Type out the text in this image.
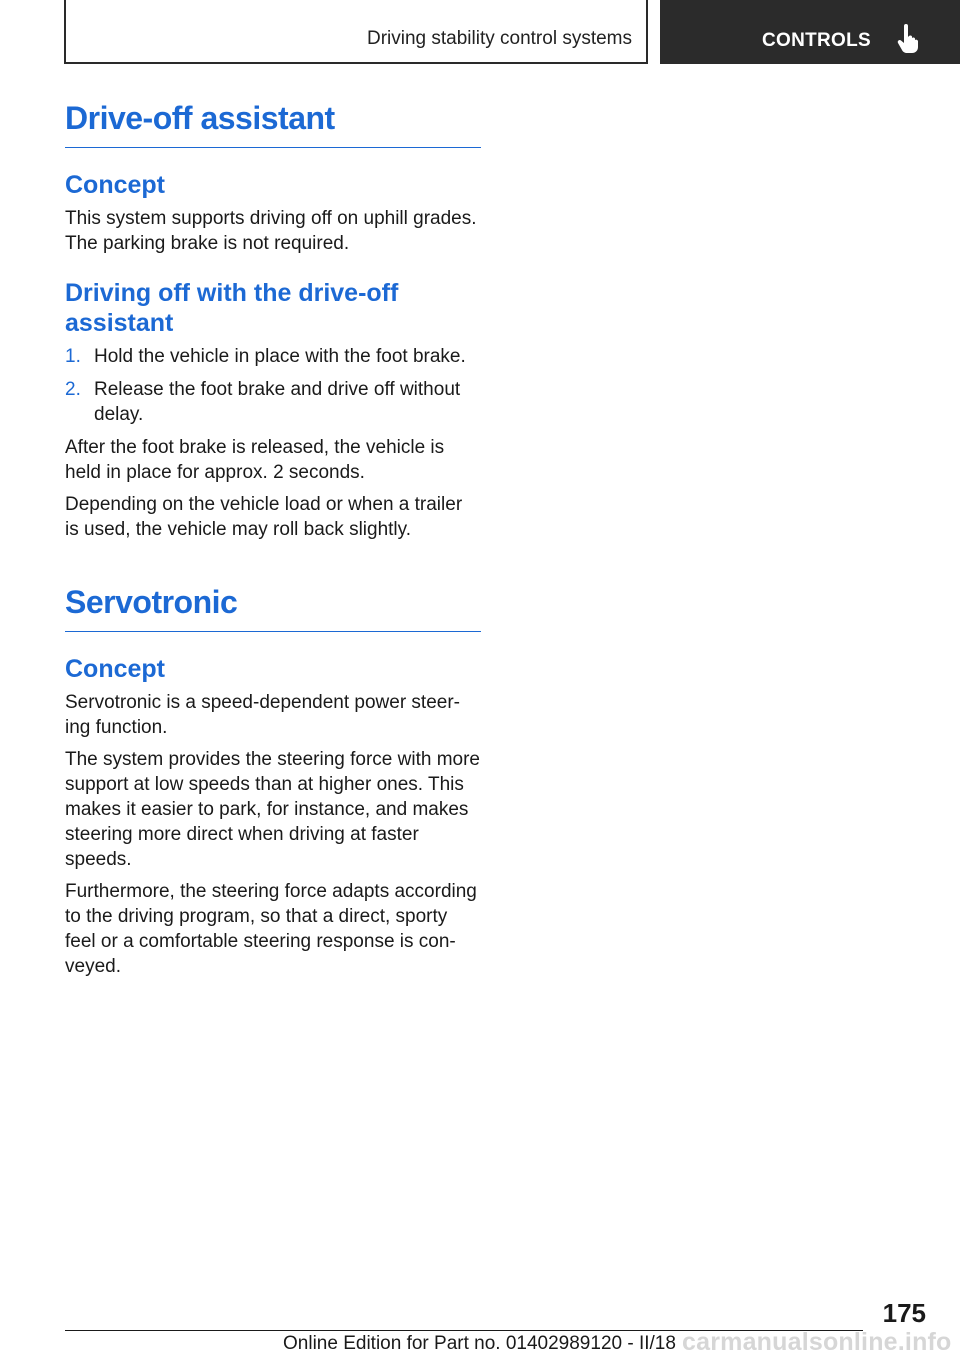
Driving stability control systems	CONTROLS
Drive-off assistant
Concept

This system supports driving off on uphill grades. The parking brake is not required.

Driving off with the drive-off assistant
1. Hold the vehicle in place with the foot brake.
2. Release the foot brake and drive off without delay.

After the foot brake is released, the vehicle is held in place for approx. 2 seconds.

Depending on the vehicle load or when a trailer is used, the vehicle may roll back slightly.

Servotronic
Concept

Servotronic is a speed-dependent power steer-ing function.

The system provides the steering force with more support at low speeds than at higher ones. This makes it easier to park, for instance, and makes steering more direct when driving at faster speeds.

Furthermore, the steering force adapts according to the driving program, so that a direct, sporty feel or a comfortable steering response is con-veyed.

175
Online Edition for Part no. 01402989120 - II/18 carmanualsonline.info
